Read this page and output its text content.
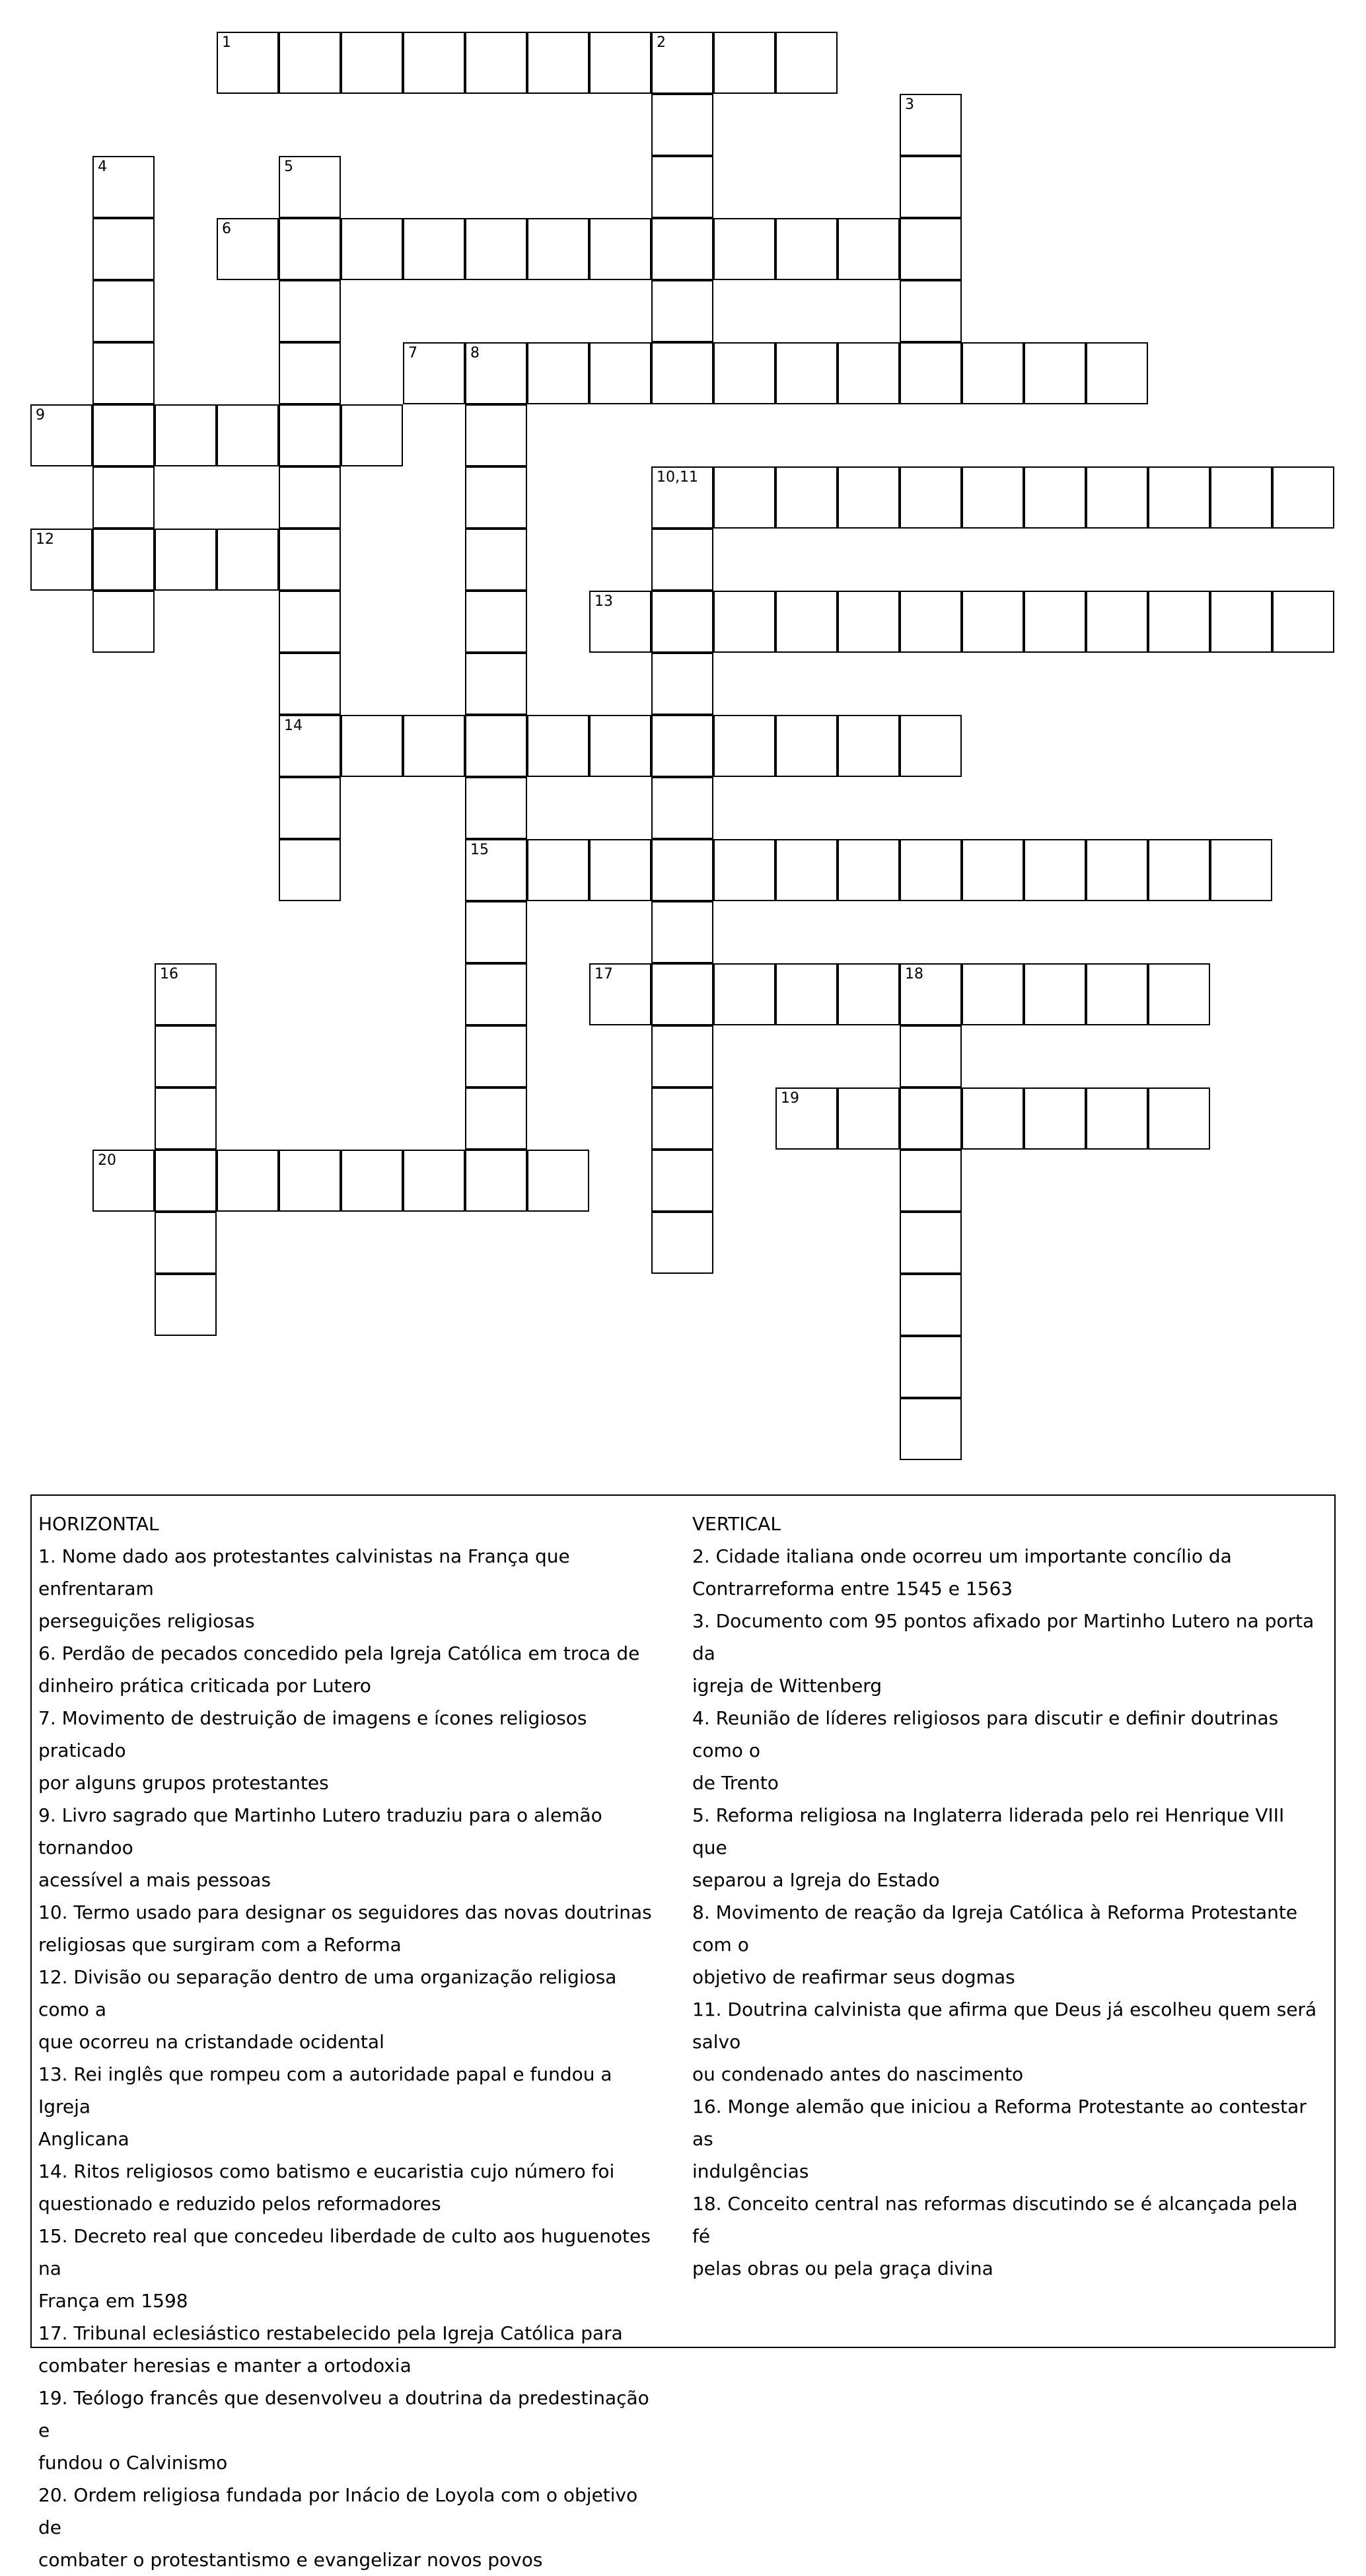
1	2
3
4	5
6
7	8
9
10,11
12
13
14
15
16	17	18
19
20
HORIZONTAL
1. Nome dado aos protestantes calvinistas na França que enfrentaram
perseguições religiosas
6. Perdão de pecados concedido pela Igreja Católica em troca de
dinheiro prática criticada por Lutero
7. Movimento de destruição de imagens e ícones religiosos praticado
por alguns grupos protestantes
9. Livro sagrado que Martinho Lutero traduziu para o alemão tornandoo
acessível a mais pessoas
10. Termo usado para designar os seguidores das novas doutrinas
religiosas que surgiram com a Reforma
12. Divisão ou separação dentro de uma organização religiosa como a
que ocorreu na cristandade ocidental
13. Rei inglês que rompeu com a autoridade papal e fundou a Igreja
Anglicana
14. Ritos religiosos como batismo e eucaristia cujo número foi
questionado e reduzido pelos reformadores
15. Decreto real que concedeu liberdade de culto aos huguenotes na
França em 1598
17. Tribunal eclesiástico restabelecido pela Igreja Católica para
combater heresias e manter a ortodoxia
19. Teólogo francês que desenvolveu a doutrina da predestinação e
fundou o Calvinismo
20. Ordem religiosa fundada por Inácio de Loyola com o objetivo de
combater o protestantismo e evangelizar novos povos
VERTICAL
2. Cidade italiana onde ocorreu um importante concílio da
Contrarreforma entre 1545 e 1563
3. Documento com 95 pontos afixado por Martinho Lutero na porta da
igreja de Wittenberg
4. Reunião de líderes religiosos para discutir e definir doutrinas como o
de Trento
5. Reforma religiosa na Inglaterra liderada pelo rei Henrique VIII que
separou a Igreja do Estado
8. Movimento de reação da Igreja Católica à Reforma Protestante com o
objetivo de reafirmar seus dogmas
11. Doutrina calvinista que afirma que Deus já escolheu quem será salvo
ou condenado antes do nascimento
16. Monge alemão que iniciou a Reforma Protestante ao contestar as
indulgências
18. Conceito central nas reformas discutindo se é alcançada pela fé
pelas obras ou pela graça divina
